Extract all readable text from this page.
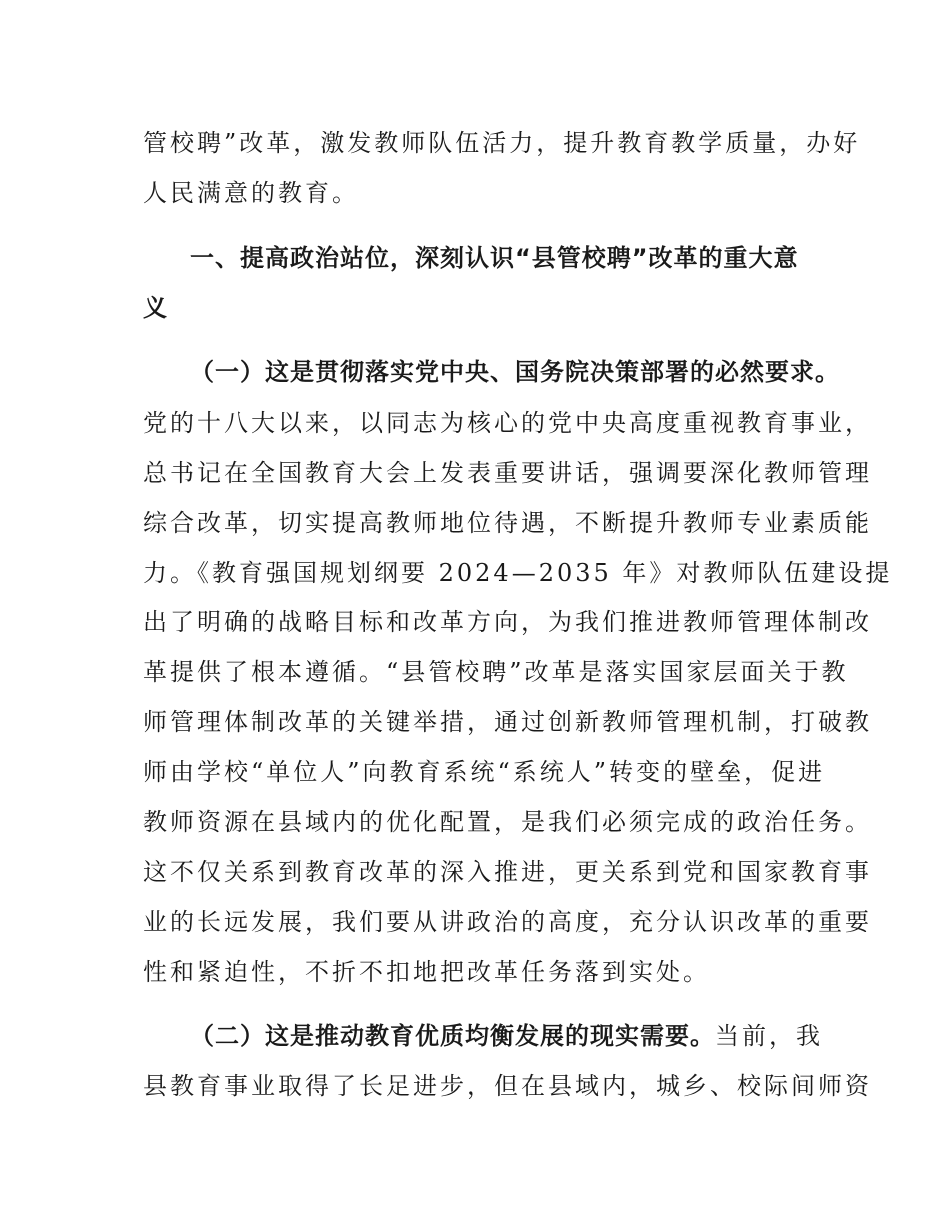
管校聘”改革，激发教师队伍活力，提升教育教学质量，办好
人民满意的教育。
一、提高政治站位，深刻认识“县管校聘”改革的重大意
义
（一）这是贯彻落实党中央、国务院决策部署的必然要求。
党的十八大以来，以同志为核心的党中央高度重视教育事业，
总书记在全国教育大会上发表重要讲话，强调要深化教师管理
综合改革，切实提高教师地位待遇，不断提升教师专业素质能
力。《教育强国规划纲要 2024—2035 年》对教师队伍建设提
出了明确的战略目标和改革方向，为我们推进教师管理体制改
革提供了根本遵循。“县管校聘”改革是落实国家层面关于教
师管理体制改革的关键举措，通过创新教师管理机制，打破教
师由学校“单位人”向教育系统“系统人”转变的壁垒，促进
教师资源在县域内的优化配置，是我们必须完成的政治任务。
这不仅关系到教育改革的深入推进，更关系到党和国家教育事
业的长远发展，我们要从讲政治的高度，充分认识改革的重要
性和紧迫性，不折不扣地把改革任务落到实处。
（二）这是推动教育优质均衡发展的现实需要。当前，我
县教育事业取得了长足进步，但在县域内，城乡、校际间师资
